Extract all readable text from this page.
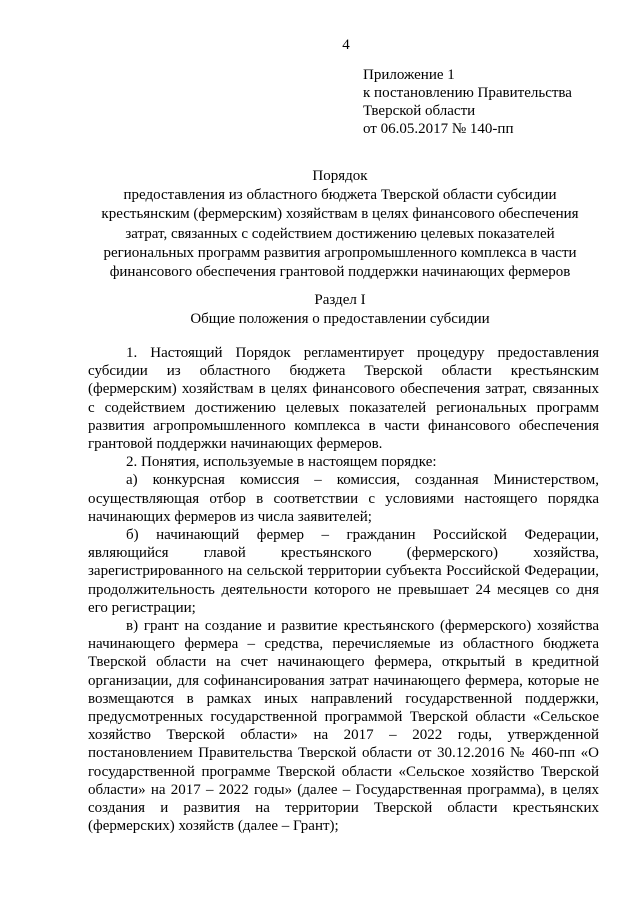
4
Приложение 1
к постановлению Правительства
Тверской области
от 06.05.2017 № 140-пп
Порядок
предоставления из областного бюджета Тверской области субсидии крестьянским (фермерским) хозяйствам в целях финансового обеспечения затрат, связанных с содействием достижению целевых показателей региональных программ развития агропромышленного комплекса в части финансового обеспечения грантовой поддержки начинающих фермеров
Раздел I
Общие положения о предоставлении субсидии

1. Настоящий Порядок регламентирует процедуру предоставления субсидии из областного бюджета Тверской области крестьянским (фермерским) хозяйствам в целях финансового обеспечения затрат, связанных с содействием достижению целевых показателей региональных программ развития агропромышленного комплекса в части финансового обеспечения грантовой поддержки начинающих фермеров.

2. Понятия, используемые в настоящем порядке:

а) конкурсная комиссия – комиссия, созданная Министерством, осуществляющая отбор в соответствии с условиями настоящего порядка начинающих фермеров из числа заявителей;

б) начинающий фермер – гражданин Российской Федерации, являющийся главой крестьянского (фермерского) хозяйства, зарегистрированного на сельской территории субъекта Российской Федерации, продолжительность деятельности которого не превышает 24 месяцев со дня его регистрации;

в) грант на создание и развитие крестьянского (фермерского) хозяйства начинающего фермера – средства, перечисляемые из областного бюджета Тверской области на счет начинающего фермера, открытый в кредитной организации, для софинансирования затрат начинающего фермера, которые не возмещаются в рамках иных направлений государственной поддержки, предусмотренных государственной программой Тверской области «Сельское хозяйство Тверской области» на 2017 – 2022 годы, утвержденной постановлением Правительства Тверской области от 30.12.2016 № 460-пп «О государственной программе Тверской области «Сельское хозяйство Тверской области» на 2017 – 2022 годы» (далее – Государственная программа), в целях создания и развития на территории Тверской области крестьянских (фермерских) хозяйств (далее – Грант);
